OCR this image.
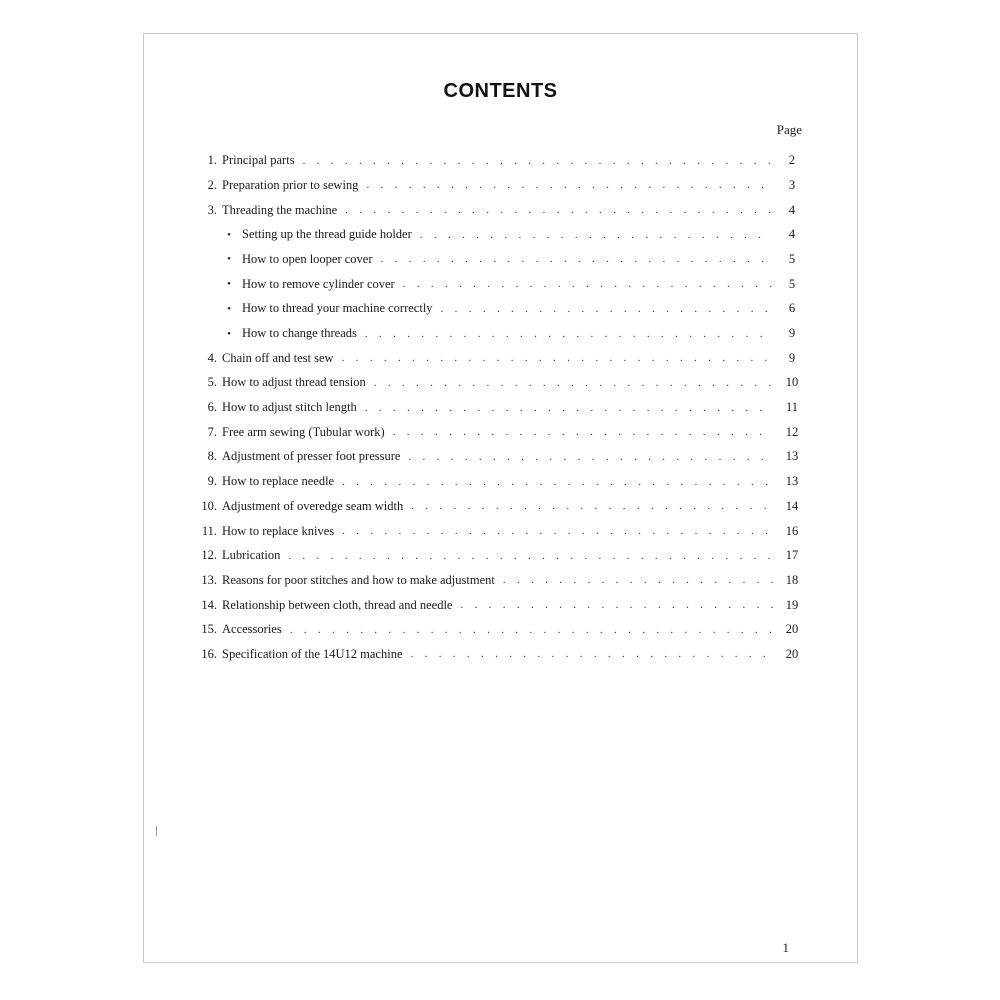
CONTENTS
Page
1. Principal parts . . .	2
2. Preparation prior to sewing . . .	3
3. Threading the machine . . .	4
• Setting up the thread guide holder . . .	4
• How to open looper cover . . .	5
• How to remove cylinder cover . . .	5
• How to thread your machine correctly . . .	6
• How to change threads . . .	9
4. Chain off and test sew . . .	9
5. How to adjust thread tension . . .	10
6. How to adjust stitch length . . .	11
7. Free arm sewing (Tubular work) . . .	12
8. Adjustment of presser foot pressure . . .	13
9. How to replace needle . . .	13
10. Adjustment of overedge seam width . . .	14
11. How to replace knives . . .	16
12. Lubrication . . .	17
13. Reasons for poor stitches and how to make adjustment . . .	18
14. Relationship between cloth, thread and needle . . .	19
15. Accessories . . .	20
16. Specification of the 14U12 machine . . .	20
1
